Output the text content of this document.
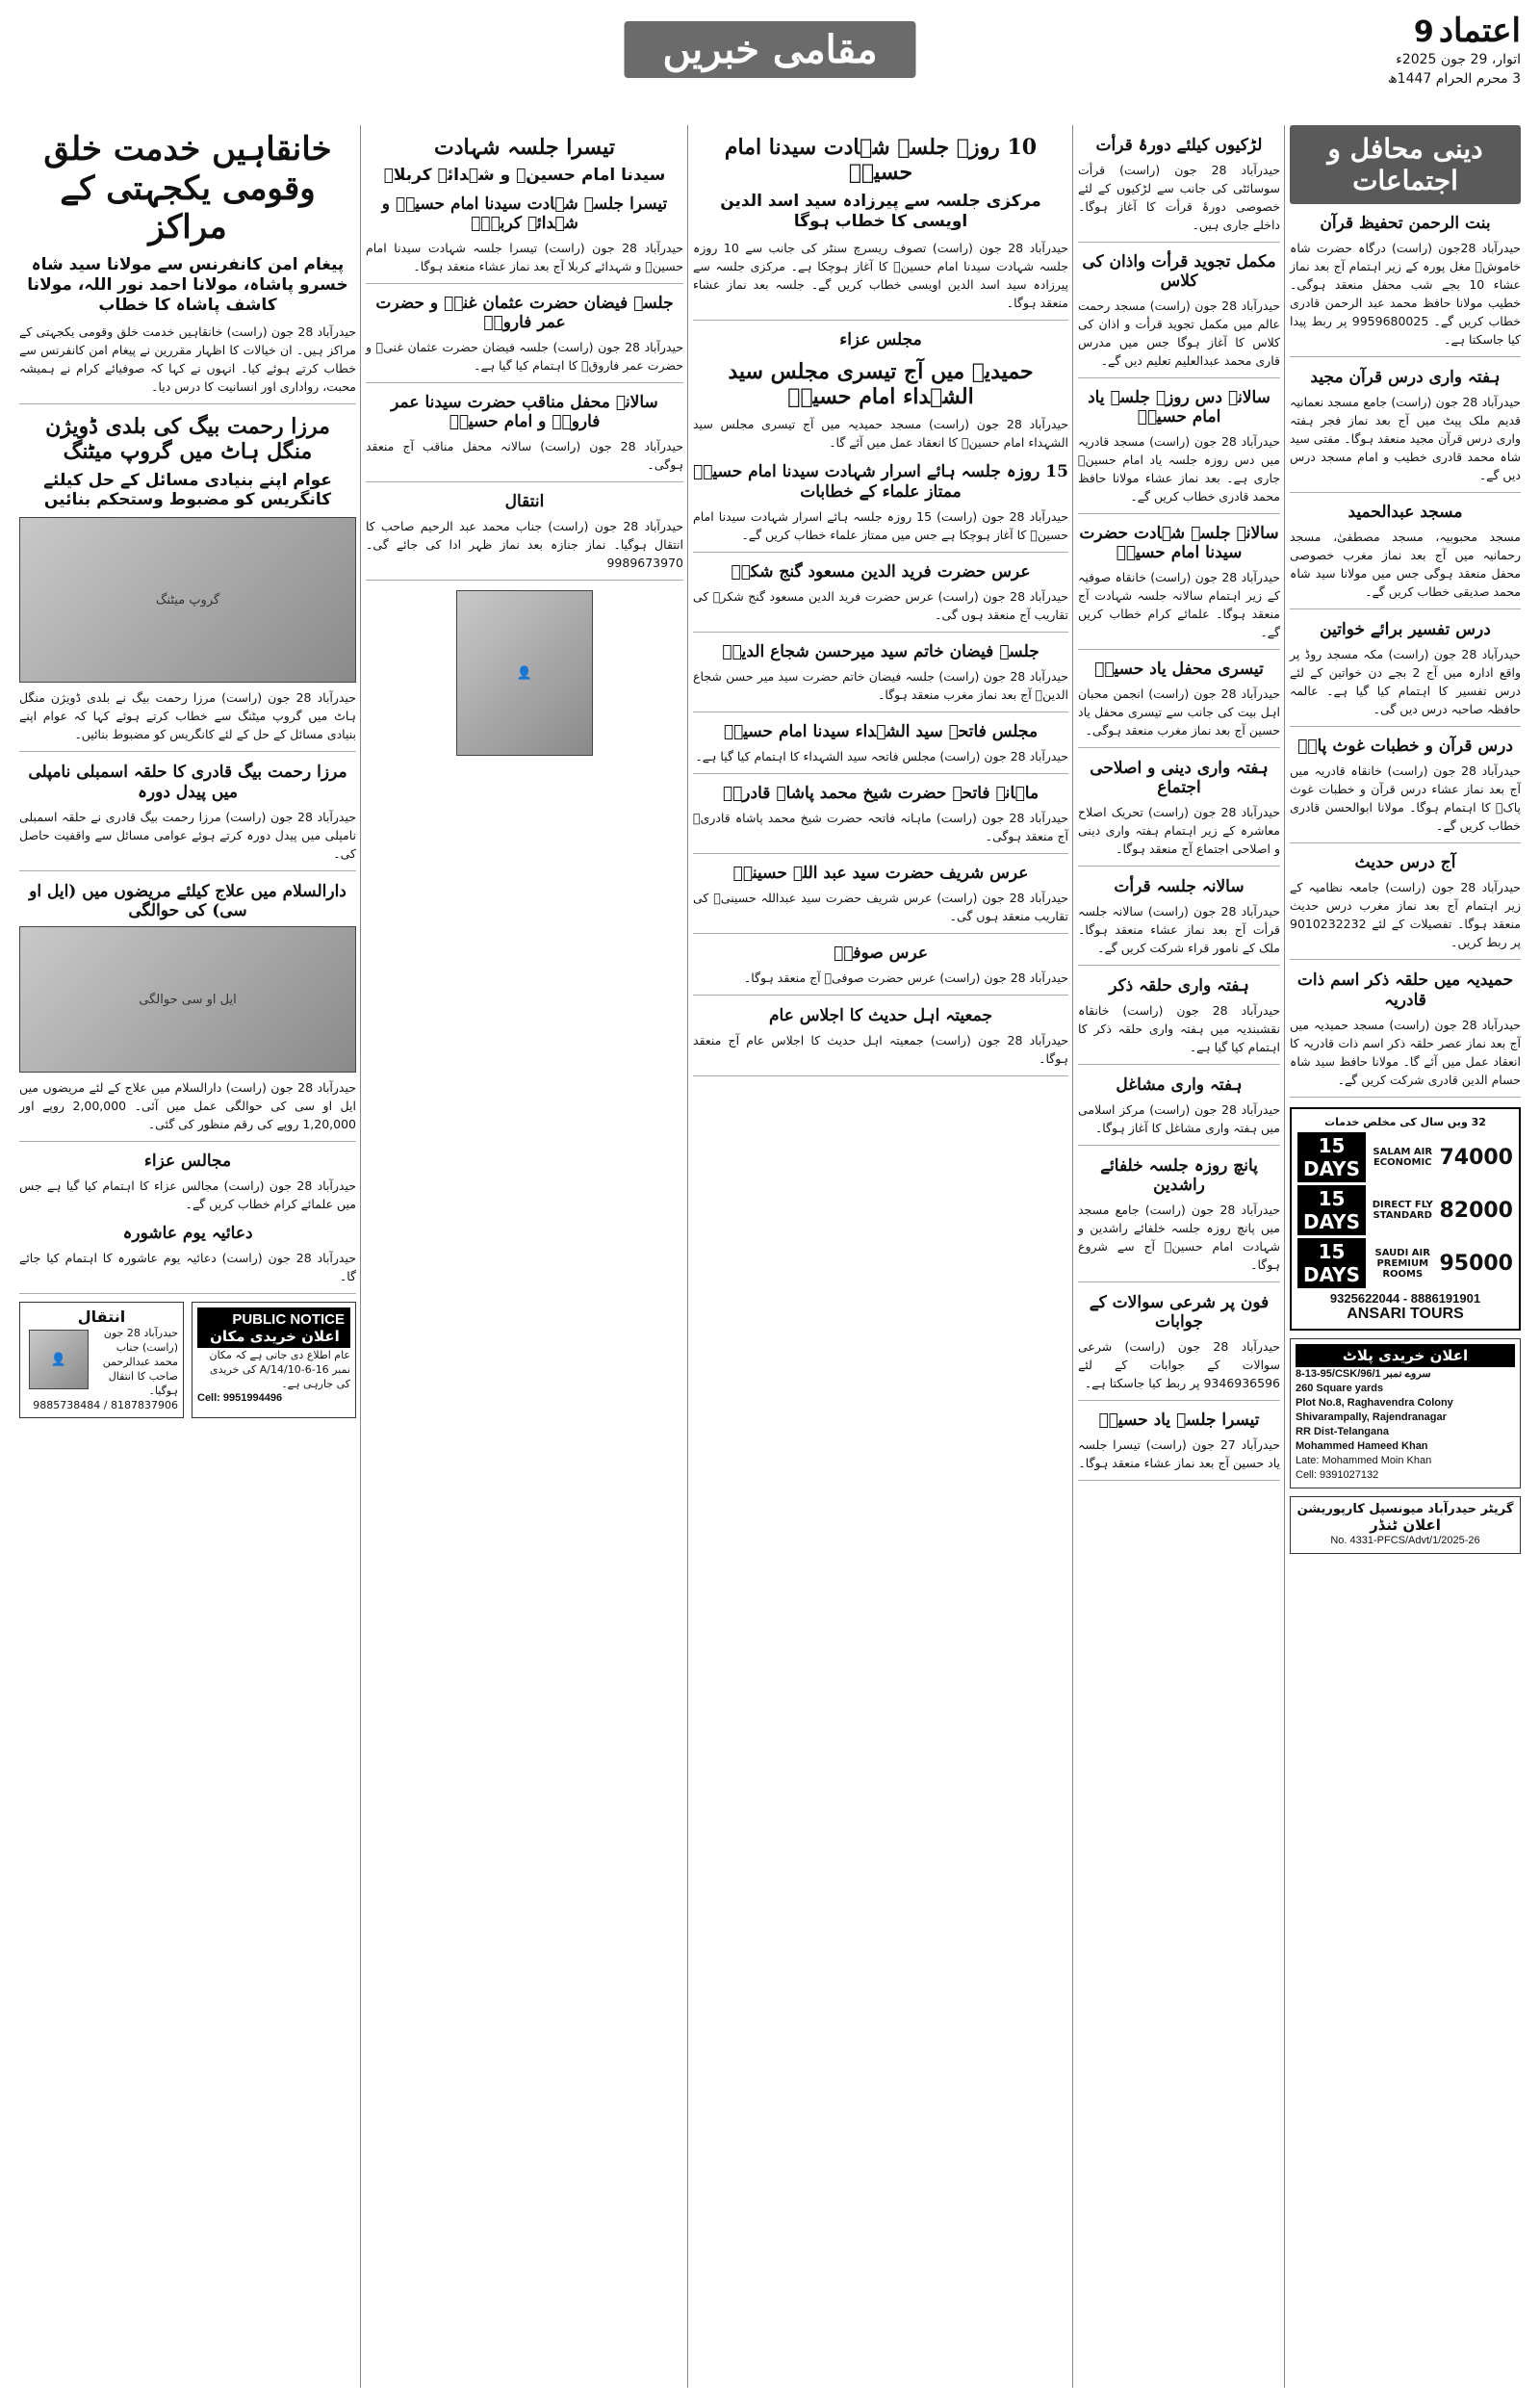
اعتماد 9
اتوار، 29 جون 2025ء
3 محرم الحرام 1447ھ
مقامی خبریں
دینی محافل و اجتماعات
بنت الرحمن تحفیظ قرآن
حیدرآباد 28جون (راست) درگاہ حضرت شاہ خاموشؒ مغل پورہ کے زیر اہتمام آج بعد نماز عشاء 10 بجے شب محفل منعقد ہوگی۔ خطیب مولانا حافظ محمد عبد الرحمن قادری خطاب کریں گے۔ 9959680025 پر ربط پیدا کیا جاسکتا ہے۔
ہفتہ واری درس قرآن مجید
حیدرآباد 28 جون (راست) جامع مسجد نعمانیہ قدیم ملک پیٹ میں آج بعد نماز فجر ہفتہ واری درس قرآن مجید منعقد ہوگا۔ مفتی سید شاہ محمد قادری خطیب و امام مسجد درس دیں گے۔
مسجد عبدالحمید
مسجد محبوبیہ، مسجد مصطفیٰ، مسجد رحمانیہ میں آج بعد نماز مغرب خصوصی محفل منعقد ہوگی جس میں مولانا سید شاہ محمد صدیقی خطاب کریں گے۔
درس تفسیر برائے خواتین
حیدرآباد 28 جون (راست) مکہ مسجد روڈ پر واقع ادارہ میں آج 2 بجے دن خواتین کے لئے درس تفسیر کا اہتمام کیا گیا ہے۔ عالمہ حافظہ صاحبہ درس دیں گی۔
درس قرآن و خطبات غوث پاکؓ
حیدرآباد 28 جون (راست) خانقاہ قادریہ میں آج بعد نماز عشاء درس قرآن و خطبات غوث پاکؓ کا اہتمام ہوگا۔ مولانا ابوالحسن قادری خطاب کریں گے۔
آج درس حدیث
حیدرآباد 28 جون (راست) جامعہ نظامیہ کے زیر اہتمام آج بعد نماز مغرب درس حدیث منعقد ہوگا۔ تفصیلات کے لئے 9010232232 پر ربط کریں۔
حمیدیہ میں حلقہ ذکر اسم ذات قادریہ
حیدرآباد 28 جون (راست) مسجد حمیدیہ میں آج بعد نماز عصر حلقہ ذکر اسم ذات قادریہ کا انعقاد عمل میں آئے گا۔ مولانا حافظ سید شاہ حسام الدین قادری شرکت کریں گے۔
32 ویں سال کی مخلص خدمات
15 DAYS
SALAM AIR ECONOMIC 74000
15 DAYS
DIRECT FLY STANDARD 82000
15 DAYS
SAUDI AIR PREMIUM ROOMS 95000
9325622044 - 8886191901
ANSARI TOURS
اعلان خریدی پلاٹ
8-13-95/CSK/96/1 سروے نمبر
260 Square yards
Plot No.8, Raghavendra Colony
Shivarampally, Rajendranagar
RR Dist-Telangana
Mohammed Hameed Khan
Late: Mohammed Moin Khan
Cell: 9391027132
گریٹر حیدرآباد میونسپل کارپوریشن
اعلان ٹنڈر
No. 4331-PFCS/Advt/1/2025-26
لڑکیوں کیلئے دورۂ قرأت
حیدرآباد 28 جون (راست) قرأت سوسائٹی کی جانب سے لڑکیوں کے لئے خصوصی دورۂ قرأت کا آغاز ہوگا۔ داخلے جاری ہیں۔
مکمل تجوید قرأت واذان کی کلاس
حیدرآباد 28 جون (راست) مسجد رحمت عالم میں مکمل تجوید قرأت و اذان کی کلاس کا آغاز ہوگا جس میں مدرس قاری محمد عبدالعلیم تعلیم دیں گے۔
سالانہ دس روزہ جلسہ یاد امام حسینؓ
حیدرآباد 28 جون (راست) مسجد قادریہ میں دس روزہ جلسہ یاد امام حسینؓ جاری ہے۔ بعد نماز عشاء مولانا حافظ محمد قادری خطاب کریں گے۔
سالانہ جلسہ شہادت حضرت سیدنا امام حسینؓ
حیدرآباد 28 جون (راست) خانقاہ صوفیہ کے زیر اہتمام سالانہ جلسہ شہادت آج منعقد ہوگا۔ علمائے کرام خطاب کریں گے۔
تیسری محفل یاد حسینؓ
حیدرآباد 28 جون (راست) انجمن محبان اہل بیت کی جانب سے تیسری محفل یاد حسین آج بعد نماز مغرب منعقد ہوگی۔
ہفتہ واری دینی و اصلاحی اجتماع
حیدرآباد 28 جون (راست) تحریک اصلاح معاشرہ کے زیر اہتمام ہفتہ واری دینی و اصلاحی اجتماع آج منعقد ہوگا۔
سالانہ جلسہ قرأت
حیدرآباد 28 جون (راست) سالانہ جلسہ قرأت آج بعد نماز عشاء منعقد ہوگا۔ ملک کے نامور قراء شرکت کریں گے۔
ہفتہ واری حلقہ ذکر
حیدرآباد 28 جون (راست) خانقاہ نقشبندیہ میں ہفتہ واری حلقہ ذکر کا اہتمام کیا گیا ہے۔
ہفتہ واری مشاغل
حیدرآباد 28 جون (راست) مرکز اسلامی میں ہفتہ واری مشاغل کا آغاز ہوگا۔
پانچ روزہ جلسہ خلفائے راشدین
حیدرآباد 28 جون (راست) جامع مسجد میں پانچ روزہ جلسہ خلفائے راشدین و شہادت امام حسینؓ آج سے شروع ہوگا۔
فون پر شرعی سوالات کے جوابات
حیدرآباد 28 جون (راست) شرعی سوالات کے جوابات کے لئے 9346936596 پر ربط کیا جاسکتا ہے۔
تیسرا جلسہ یاد حسینؓ
حیدرآباد 27 جون (راست) تیسرا جلسہ یاد حسین آج بعد نماز عشاء منعقد ہوگا۔
10 روزہ جلسہ شہادت سیدنا امام حسینؓ
مرکزی جلسہ سے پیرزادہ سید اسد الدین اویسی کا خطاب ہوگا
حیدرآباد 28 جون (راست) تصوف ریسرچ سنٹر کی جانب سے 10 روزہ جلسہ شہادت سیدنا امام حسینؓ کا آغاز ہوچکا ہے۔ مرکزی جلسہ سے پیرزادہ سید اسد الدین اویسی خطاب کریں گے۔ جلسہ بعد نماز عشاء منعقد ہوگا۔
مجلس عزاء
حمیدیہ میں آج تیسری مجلس سید الشہداء امام حسینؓ
حیدرآباد 28 جون (راست) مسجد حمیدیہ میں آج تیسری مجلس سید الشہداء امام حسینؓ کا انعقاد عمل میں آئے گا۔
15 روزہ جلسہ ہائے اسرار شہادت سیدنا امام حسینؓ ممتاز علماء کے خطابات
حیدرآباد 28 جون (راست) 15 روزہ جلسہ ہائے اسرار شہادت سیدنا امام حسینؓ کا آغاز ہوچکا ہے جس میں ممتاز علماء خطاب کریں گے۔
عرس حضرت فرید الدین مسعود گنج شکرؒ
حیدرآباد 28 جون (راست) عرس حضرت فرید الدین مسعود گنج شکرؒ کی تقاریب آج منعقد ہوں گی۔
جلسہ فیضان خاتم سید میرحسن شجاع الدینؒ
حیدرآباد 28 جون (راست) جلسہ فیضان خاتم حضرت سید میر حسن شجاع الدینؒ آج بعد نماز مغرب منعقد ہوگا۔
مجلس فاتحہ سید الشہداء سیدنا امام حسینؓ
حیدرآباد 28 جون (راست) مجلس فاتحہ سید الشہداء کا اہتمام کیا گیا ہے۔
ماہانہ فاتحہ حضرت شیخ محمد پاشاہ قادریؒ
حیدرآباد 28 جون (راست) ماہانہ فاتحہ حضرت شیخ محمد پاشاہ قادریؒ آج منعقد ہوگی۔
عرس شریف حضرت سید عبد اللہ حسینیؒ
حیدرآباد 28 جون (راست) عرس شریف حضرت سید عبداللہ حسینیؒ کی تقاریب منعقد ہوں گی۔
عرس صوفیؒ
حیدرآباد 28 جون (راست) عرس حضرت صوفیؒ آج منعقد ہوگا۔
جمعیتہ اہل حدیث کا اجلاس عام
حیدرآباد 28 جون (راست) جمعیتہ اہل حدیث کا اجلاس عام آج منعقد ہوگا۔
تیسرا جلسہ شہادت
سیدنا امام حسینؓ و شہدائے کربلاؓ
تیسرا جلسہ شہادت سیدنا امام حسینؓ و شہدائے کربلاؓ
حیدرآباد 28 جون (راست) تیسرا جلسہ شہادت سیدنا امام حسینؓ و شہدائے کربلا آج بعد نماز عشاء منعقد ہوگا۔
جلسہ فیضان حضرت عثمان غنیؓ و حضرت عمر فاروقؓ
حیدرآباد 28 جون (راست) جلسہ فیضان حضرت عثمان غنیؓ و حضرت عمر فاروقؓ کا اہتمام کیا گیا ہے۔
سالانہ محفل مناقب حضرت سیدنا عمر فاروقؓ و امام حسینؓ
حیدرآباد 28 جون (راست) سالانہ محفل مناقب آج منعقد ہوگی۔
انتقال
حیدرآباد 28 جون (راست) جناب محمد عبد الرحیم صاحب کا انتقال ہوگیا۔ نماز جنازہ بعد نماز ظہر ادا کی جائے گی۔ 9989673970
👤
خانقاہیں خدمت خلق وقومی یکجہتی کے مراکز
پیغام امن کانفرنس سے مولانا سید شاہ خسرو پاشاہ، مولانا احمد نور اللہ، مولانا کاشف پاشاہ کا خطاب
حیدرآباد 28 جون (راست) خانقاہیں خدمت خلق وقومی یکجہتی کے مراکز ہیں۔ ان خیالات کا اظہار مقررین نے پیغام امن کانفرنس سے خطاب کرتے ہوئے کیا۔ انہوں نے کہا کہ صوفیائے کرام نے ہمیشہ محبت، رواداری اور انسانیت کا درس دیا۔
مرزا رحمت بیگ کی بلدی ڈویژن منگل ہاٹ میں گروپ میٹنگ
عوام اپنے بنیادی مسائل کے حل کیلئے کانگریس کو مضبوط وستحکم بنائیں
گروپ میٹنگ
حیدرآباد 28 جون (راست) مرزا رحمت بیگ نے بلدی ڈویژن منگل ہاٹ میں گروپ میٹنگ سے خطاب کرتے ہوئے کہا کہ عوام اپنے بنیادی مسائل کے حل کے لئے کانگریس کو مضبوط بنائیں۔
مرزا رحمت بیگ قادری کا حلقہ اسمبلی نامپلی میں پیدل دورہ
حیدرآباد 28 جون (راست) مرزا رحمت بیگ قادری نے حلقہ اسمبلی نامپلی میں پیدل دورہ کرتے ہوئے عوامی مسائل سے واقفیت حاصل کی۔
دارالسلام میں علاج کیلئے مریضوں میں (ایل او سی) کی حوالگی
ایل او سی حوالگی
حیدرآباد 28 جون (راست) دارالسلام میں علاج کے لئے مریضوں میں ایل او سی کی حوالگی عمل میں آئی۔ 2,00,000 روپے اور 1,20,000 روپے کی رقم منظور کی گئی۔
مجالس عزاء
حیدرآباد 28 جون (راست) مجالس عزاء کا اہتمام کیا گیا ہے جس میں علمائے کرام خطاب کریں گے۔
دعائیہ یوم عاشورہ
حیدرآباد 28 جون (راست) دعائیہ یوم عاشورہ کا اہتمام کیا جائے گا۔
PUBLIC NOTICE  اعلان خریدی مکان
عام اطلاع دی جاتی ہے کہ مکان نمبر 16-6-14/10/A کی خریدی کی جارہی ہے۔
Cell: 9951994496
انتقال
👤
حیدرآباد 28 جون (راست) جناب محمد عبدالرحمن صاحب کا انتقال ہوگیا۔ 8187837906 / 9885738484
